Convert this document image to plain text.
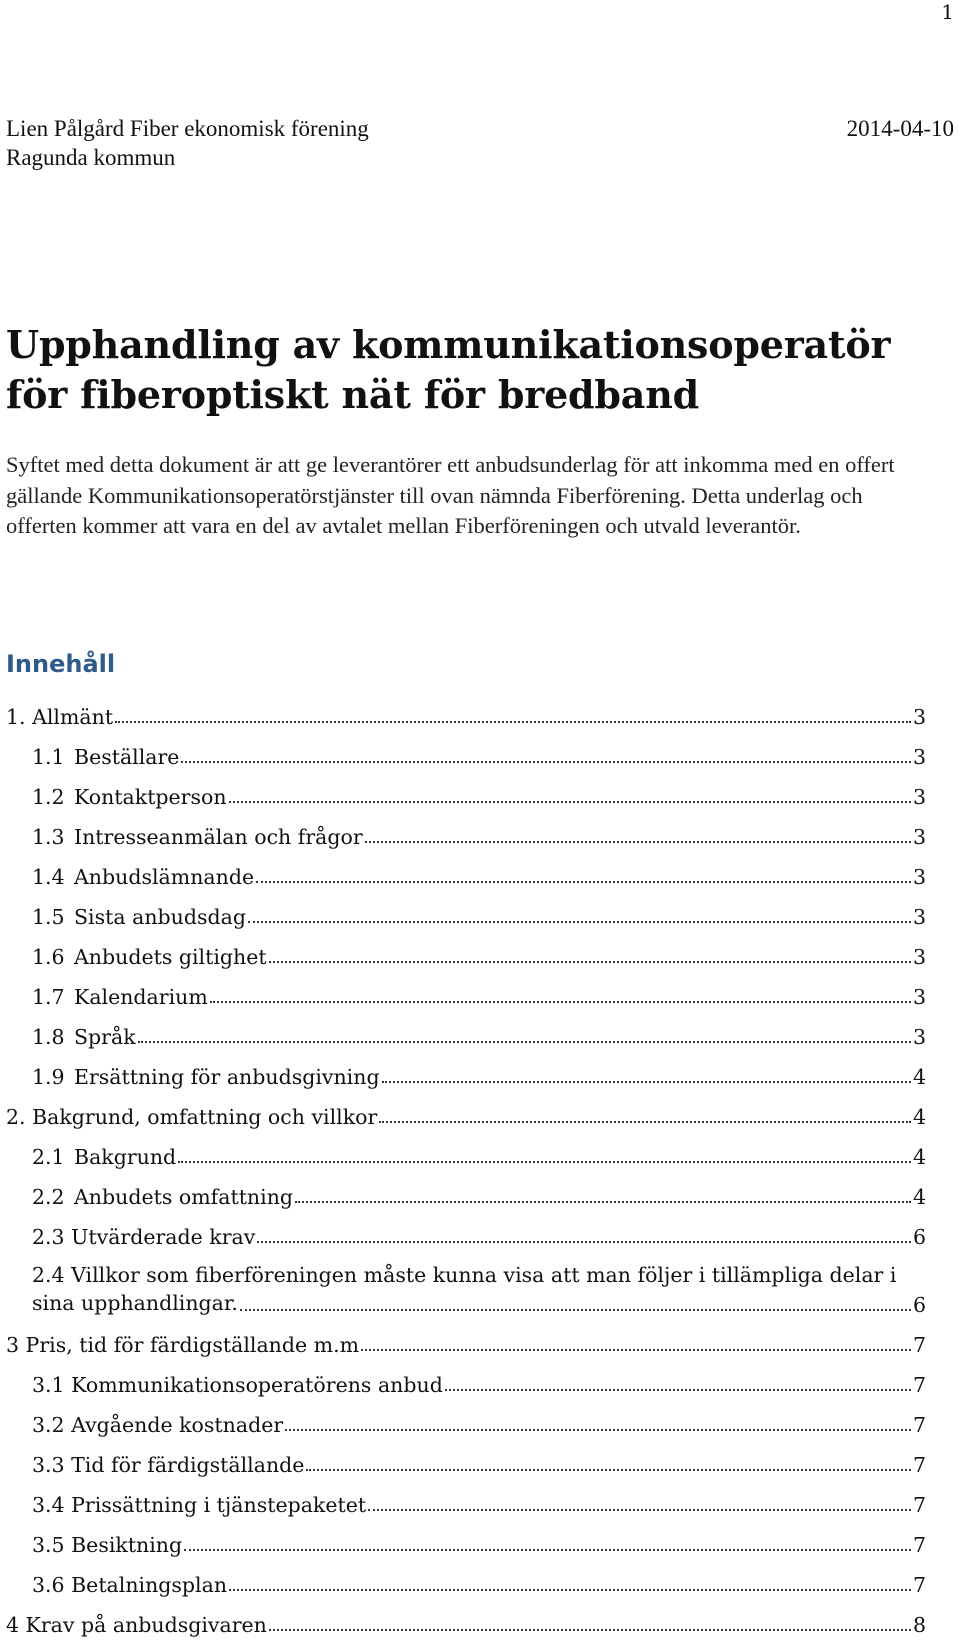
1
Lien Pålgård Fiber ekonomisk förening	2014-04-10
Ragunda kommun
Upphandling av kommunikationsoperatör för fiberoptiskt nät för bredband

Syftet med detta dokument är att ge leverantörer ett anbudsunderlag för att inkomma med en offert gällande Kommunikationsoperatörstjänster till ovan nämnda Fiberförening. Detta underlag och offerten kommer att vara en del av avtalet mellan Fiberföreningen och utvald leverantör.

Innehåll
1. Allmänt	3
1.1 Beställare	3
1.2 Kontaktperson	3
1.3 Intresseanmälan och frågor	3
1.4 Anbudslämnande	3
1.5 Sista anbudsdag	3
1.6 Anbudets giltighet	3
1.7 Kalendarium	3
1.8 Språk	3
1.9 Ersättning för anbudsgivning	4
2. Bakgrund, omfattning och villkor	4
2.1 Bakgrund	4
2.2 Anbudets omfattning	4
2.3 Utvärderade krav	6
2.4 Villkor som fiberföreningen måste kunna visa att man följer i tillämpliga delar i
sina upphandlingar.	6
3 Pris, tid för färdigställande m.m	7
3.1 Kommunikationsoperatörens anbud	7
3.2 Avgående kostnader	7
3.3 Tid för färdigställande	7
3.4 Prissättning i tjänstepaketet	7
3.5 Besiktning	7
3.6 Betalningsplan	7
4 Krav på anbudsgivaren	8
